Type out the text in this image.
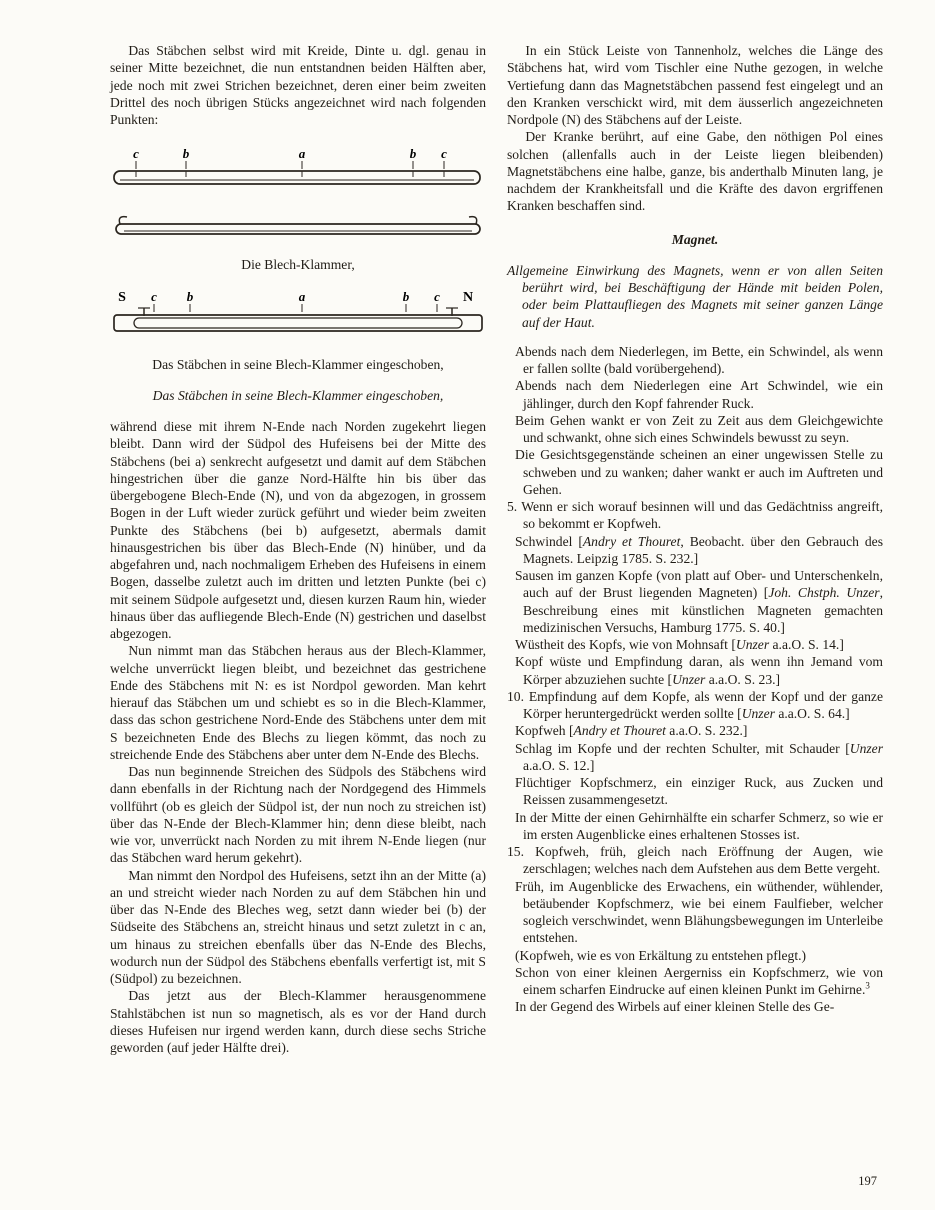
Das Stäbchen selbst wird mit Kreide, Dinte u. dgl. genau in seiner Mitte bezeichnet, die nun entstandnen beiden Hälften aber, jede noch mit zwei Strichen bezeichnet, deren einer beim zweiten Drittel des noch übrigen Stücks angezeichnet wird nach folgenden Punkten:

c	b	a	b c
Die Blech-Klammer,
S c b	a	b c N
Das Stäbchen in seine Blech-Klammer eingeschoben,
Das Stäbchen in seine Blech-Klammer eingeschoben,

während diese mit ihrem N-Ende nach Norden zugekehrt liegen bleibt. Dann wird der Südpol des Hufeisens bei der Mitte des Stäbchens (bei a) senkrecht aufgesetzt und damit auf dem Stäbchen hingestrichen über die ganze Nord-Hälfte hin bis über das übergebogene Blech-Ende (N), und von da abgezogen, in grossem Bogen in der Luft wieder zurück geführt und wieder beim zweiten Punkte des Stäbchens (bei b) aufgesetzt, abermals damit hinausgestrichen bis über das Blech-Ende (N) hinüber, und da abgefahren und, nach nochmaligem Erheben des Hufeisens in einem Bogen, dasselbe zuletzt auch im dritten und letzten Punkte (bei c) mit seinem Südpole aufgesetzt und, diesen kurzen Raum hin, wieder hinaus über das aufliegende Blech-Ende (N) gestrichen und daselbst abgezogen.

Nun nimmt man das Stäbchen heraus aus der Blech-Klammer, welche unverrückt liegen bleibt, und bezeichnet das gestrichene Ende des Stäbchens mit N: es ist Nordpol geworden. Man kehrt hierauf das Stäbchen um und schiebt es so in die Blech-Klammer, dass das schon gestrichene Nord-Ende des Stäbchens unter dem mit S bezeichneten Ende des Blechs zu liegen kömmt, das noch zu streichende Ende des Stäbchens aber unter dem N-Ende des Blechs.

Das nun beginnende Streichen des Südpols des Stäbchens wird dann ebenfalls in der Richtung nach der Nordgegend des Himmels vollführt (ob es gleich der Südpol ist, der nun noch zu streichen ist) über das N-Ende der Blech-Klammer hin; denn diese bleibt, nach wie vor, unverrückt nach Norden zu mit ihrem N-Ende liegen (nur das Stäbchen ward herum gekehrt).

Man nimmt den Nordpol des Hufeisens, setzt ihn an der Mitte (a) an und streicht wieder nach Norden zu auf dem Stäbchen hin und über das N-Ende des Bleches weg, setzt dann wieder bei (b) der Südseite des Stäbchens an, streicht hinaus und setzt zuletzt in c an, um hinaus zu streichen ebenfalls über das N-Ende des Blechs, wodurch nun der Südpol des Stäbchens ebenfalls verfertigt ist, mit S (Südpol) zu bezeichnen.

Das jetzt aus der Blech-Klammer herausgenommene Stahlstäbchen ist nun so magnetisch, als es vor der Hand durch dieses Hufeisen nur irgend werden kann, durch diese sechs Striche geworden (auf jeder Hälfte drei).

In ein Stück Leiste von Tannenholz, welches die Länge des Stäbchens hat, wird vom Tischler eine Nuthe gezogen, in welche Vertiefung dann das Magnetstäbchen passend fest eingelegt und an den Kranken verschickt wird, mit dem äusserlich angezeichneten Nordpole (N) des Stäbchens auf der Leiste.

Der Kranke berührt, auf eine Gabe, den nöthigen Pol eines solchen (allenfalls auch in der Leiste liegen bleibenden) Magnetstäbchens eine halbe, ganze, bis anderthalb Minuten lang, je nachdem der Krankheitsfall und die Kräfte des davon ergriffenen Kranken beschaffen sind.

Magnet.
Allgemeine Einwirkung des Magnets, wenn er von allen Seiten berührt wird, bei Beschäftigung der Hände mit beiden Polen, oder beim Plattaufliegen des Magnets mit seiner ganzen Länge auf der Haut.
Abends nach dem Niederlegen, im Bette, ein Schwindel, als wenn er fallen sollte (bald vorübergehend).
Abends nach dem Niederlegen eine Art Schwindel, wie ein jählinger, durch den Kopf fahrender Ruck.
Beim Gehen wankt er von Zeit zu Zeit aus dem Gleichgewichte und schwankt, ohne sich eines Schwindels bewusst zu seyn.
Die Gesichtsgegenstände scheinen an einer ungewissen Stelle zu schweben und zu wanken; daher wankt er auch im Auftreten und Gehen.
5. Wenn er sich worauf besinnen will und das Gedächtniss angreift, so bekommt er Kopfweh.
Schwindel [Andry et Thouret, Beobacht. über den Gebrauch des Magnets. Leipzig 1785. S. 232.]
Sausen im ganzen Kopfe (von platt auf Ober- und Unterschenkeln, auch auf der Brust liegenden Magneten) [Joh. Chstph. Unzer, Beschreibung eines mit künstlichen Magneten gemachten medizinischen Versuchs, Hamburg 1775. S. 40.]
Wüstheit des Kopfs, wie von Mohnsaft [Unzer a.a.O. S. 14.]
Kopf wüste und Empfindung daran, als wenn ihn Jemand vom Körper abzuziehen suchte [Unzer a.a.O. S. 23.]
10. Empfindung auf dem Kopfe, als wenn der Kopf und der ganze Körper heruntergedrückt werden sollte [Unzer a.a.O. S. 64.]
Kopfweh [Andry et Thouret a.a.O. S. 232.]
Schlag im Kopfe und der rechten Schulter, mit Schauder [Unzer a.a.O. S. 12.]
Flüchtiger Kopfschmerz, ein einziger Ruck, aus Zucken und Reissen zusammengesetzt.
In der Mitte der einen Gehirnhälfte ein scharfer Schmerz, so wie er im ersten Augenblicke eines erhaltenen Stosses ist.
15. Kopfweh, früh, gleich nach Eröffnung der Augen, wie zerschlagen; welches nach dem Aufstehen aus dem Bette vergeht.
Früh, im Augenblicke des Erwachens, ein wüthender, wühlender, betäubender Kopfschmerz, wie bei einem Faulfieber, welcher sogleich verschwindet, wenn Blähungsbewegungen im Unterleibe entstehen.
(Kopfweh, wie es von Erkältung zu entstehen pflegt.)
Schon von einer kleinen Aergerniss ein Kopfschmerz, wie von einem scharfen Eindrucke auf einen kleinen Punkt im Gehirne.$^3$
In der Gegend des Wirbels auf einer kleinen Stelle des Ge-
197
